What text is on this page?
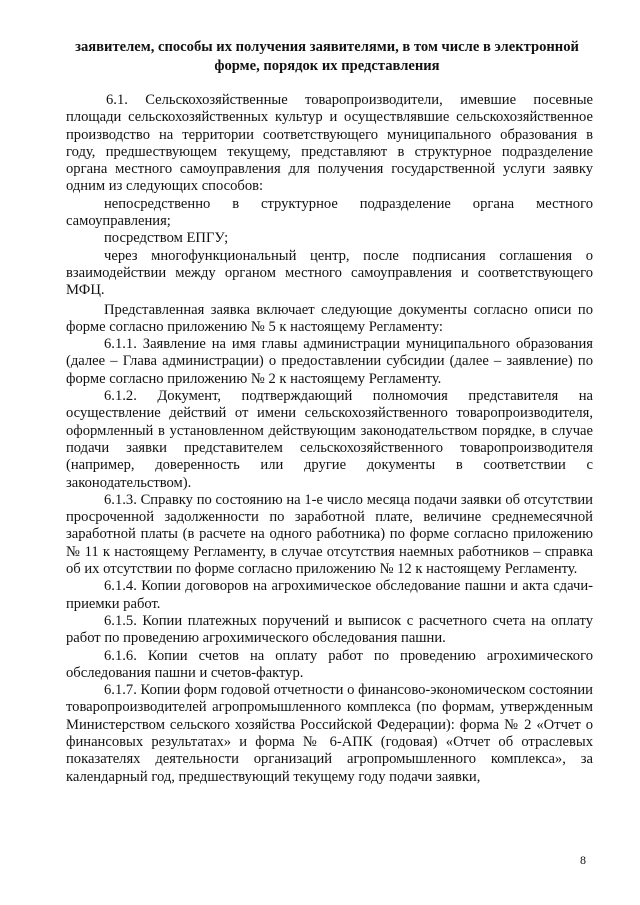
заявителем, способы их получения заявителями, в том числе в электронной форме, порядок их представления

6.1. Сельскохозяйственные товаропроизводители, имевшие посевные площади сельскохозяйственных культур и осуществлявшие сельскохозяйственное производство на территории соответствующего муниципального образования в году, предшествующем текущему, представляют в структурное подразделение органа местного самоуправления для получения государственной услуги заявку одним из следующих способов:

непосредственно в структурное подразделение органа местного самоуправления;

посредством ЕПГУ;

через многофункциональный центр, после подписания соглашения о взаимодействии между органом местного самоуправления и соответствующего МФЦ.

Представленная заявка включает следующие документы согласно описи по форме согласно приложению № 5 к настоящему Регламенту:

6.1.1. Заявление на имя главы администрации муниципального образования (далее – Глава администрации) о предоставлении субсидии (далее – заявление) по форме согласно приложению № 2 к настоящему Регламенту.

6.1.2. Документ, подтверждающий полномочия представителя на осуществление действий от имени сельскохозяйственного товаропроизводителя, оформленный в установленном действующим законодательством порядке, в случае подачи заявки представителем сельскохозяйственного товаропроизводителя (например, доверенность или другие документы в соответствии с законодательством).

6.1.3. Справку по состоянию на 1-е число месяца подачи заявки об отсутствии просроченной задолженности по заработной плате, величине среднемесячной заработной платы (в расчете на одного работника) по форме согласно приложению № 11 к настоящему Регламенту, в случае отсутствия наемных работников – справка об их отсутствии по форме согласно приложению № 12 к настоящему Регламенту.

6.1.4. Копии договоров на агрохимическое обследование пашни и акта сдачи-приемки работ.

6.1.5. Копии платежных поручений и выписок с расчетного счета на оплату работ по проведению агрохимического обследования пашни.

6.1.6. Копии счетов на оплату работ по проведению агрохимического обследования пашни и счетов-фактур.

6.1.7. Копии форм годовой отчетности о финансово-экономическом состоянии товаропроизводителей агропромышленного комплекса (по формам, утвержденным Министерством сельского хозяйства Российской Федерации): форма № 2 «Отчет о финансовых результатах» и форма № 6-АПК (годовая) «Отчет об отраслевых показателях деятельности организаций агропромышленного комплекса», за календарный год, предшествующий текущему году подачи заявки,

8
